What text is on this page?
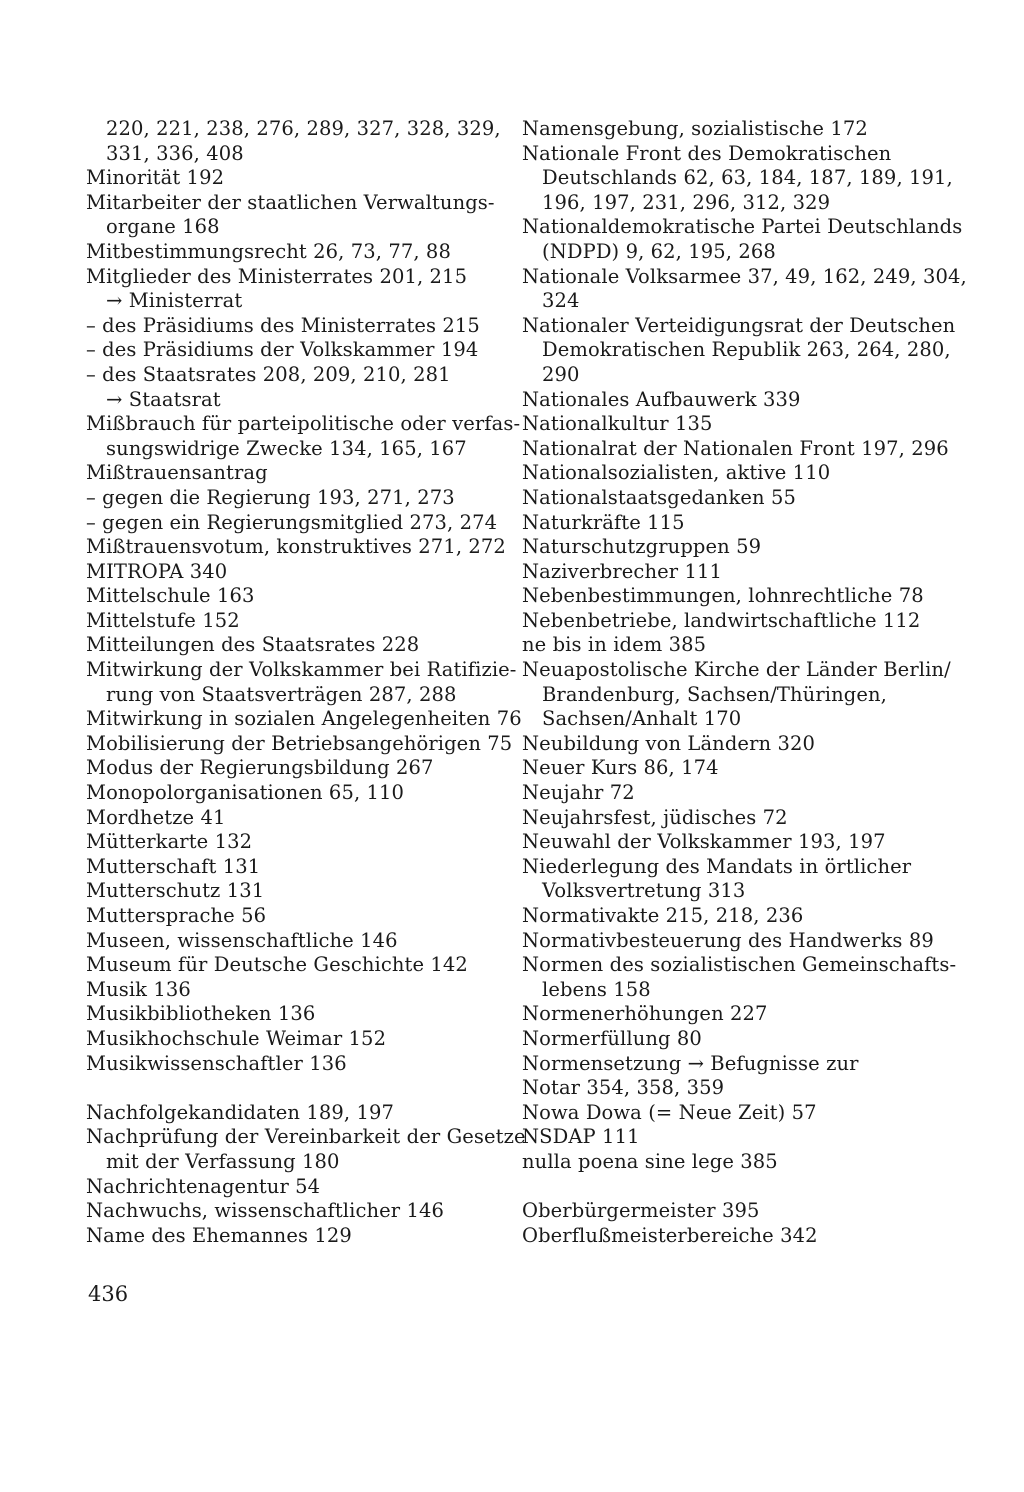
220, 221, 238, 276, 289, 327, 328, 329,
331, 336, 408
Minorität 192
Mitarbeiter der staatlichen Verwaltungs-
organe 168
Mitbestimmungsrecht 26, 73, 77, 88
Mitglieder des Ministerrates 201, 215
→ Ministerrat
– des Präsidiums des Ministerrates 215
– des Präsidiums der Volkskammer 194
– des Staatsrates 208, 209, 210, 281
→ Staatsrat
Mißbrauch für parteipolitische oder verfas-
sungswidrige Zwecke 134, 165, 167
Mißtrauensantrag
– gegen die Regierung 193, 271, 273
– gegen ein Regierungsmitglied 273, 274
Mißtrauensvotum, konstruktives 271, 272
MITROPA 340
Mittelschule 163
Mittelstufe 152
Mitteilungen des Staatsrates 228
Mitwirkung der Volkskammer bei Ratifizie-
rung von Staatsverträgen 287, 288
Mitwirkung in sozialen Angelegenheiten 76
Mobilisierung der Betriebsangehörigen 75
Modus der Regierungsbildung 267
Monopolorganisationen 65, 110
Mordhetze 41
Mütterkarte 132
Mutterschaft 131
Mutterschutz 131
Muttersprache 56
Museen, wissenschaftliche 146
Museum für Deutsche Geschichte 142
Musik 136
Musikbibliotheken 136
Musikhochschule Weimar 152
Musikwissenschaftler 136
Nachfolgekandidaten 189, 197
Nachprüfung der Vereinbarkeit der Gesetze
mit der Verfassung 180
Nachrichtenagentur 54
Nachwuchs, wissenschaftlicher 146
Name des Ehemannes 129
Namensgebung, sozialistische 172
Nationale Front des Demokratischen
Deutschlands 62, 63, 184, 187, 189, 191,
196, 197, 231, 296, 312, 329
Nationaldemokratische Partei Deutschlands
(NDPD) 9, 62, 195, 268
Nationale Volksarmee 37, 49, 162, 249, 304,
324
Nationaler Verteidigungsrat der Deutschen
Demokratischen Republik 263, 264, 280,
290
Nationales Aufbauwerk 339
Nationalkultur 135
Nationalrat der Nationalen Front 197, 296
Nationalsozialisten, aktive 110
Nationalstaatsgedanken 55
Naturkräfte 115
Naturschutzgruppen 59
Naziverbrecher 111
Nebenbestimmungen, lohnrechtliche 78
Nebenbetriebe, landwirtschaftliche 112
ne bis in idem 385
Neuapostolische Kirche der Länder Berlin/
Brandenburg, Sachsen/Thüringen,
Sachsen/Anhalt 170
Neubildung von Ländern 320
Neuer Kurs 86, 174
Neujahr 72
Neujahrsfest, jüdisches 72
Neuwahl der Volkskammer 193, 197
Niederlegung des Mandats in örtlicher
Volksvertretung 313
Normativakte 215, 218, 236
Normativbesteuerung des Handwerks 89
Normen des sozialistischen Gemeinschafts-
lebens 158
Normenerhöhungen 227
Normerfüllung 80
Normensetzung → Befugnisse zur
Notar 354, 358, 359
Nowa Dowa (= Neue Zeit) 57
NSDAP 111
nulla poena sine lege 385
Oberbürgermeister 395
Oberflußmeisterbereiche 342
436
